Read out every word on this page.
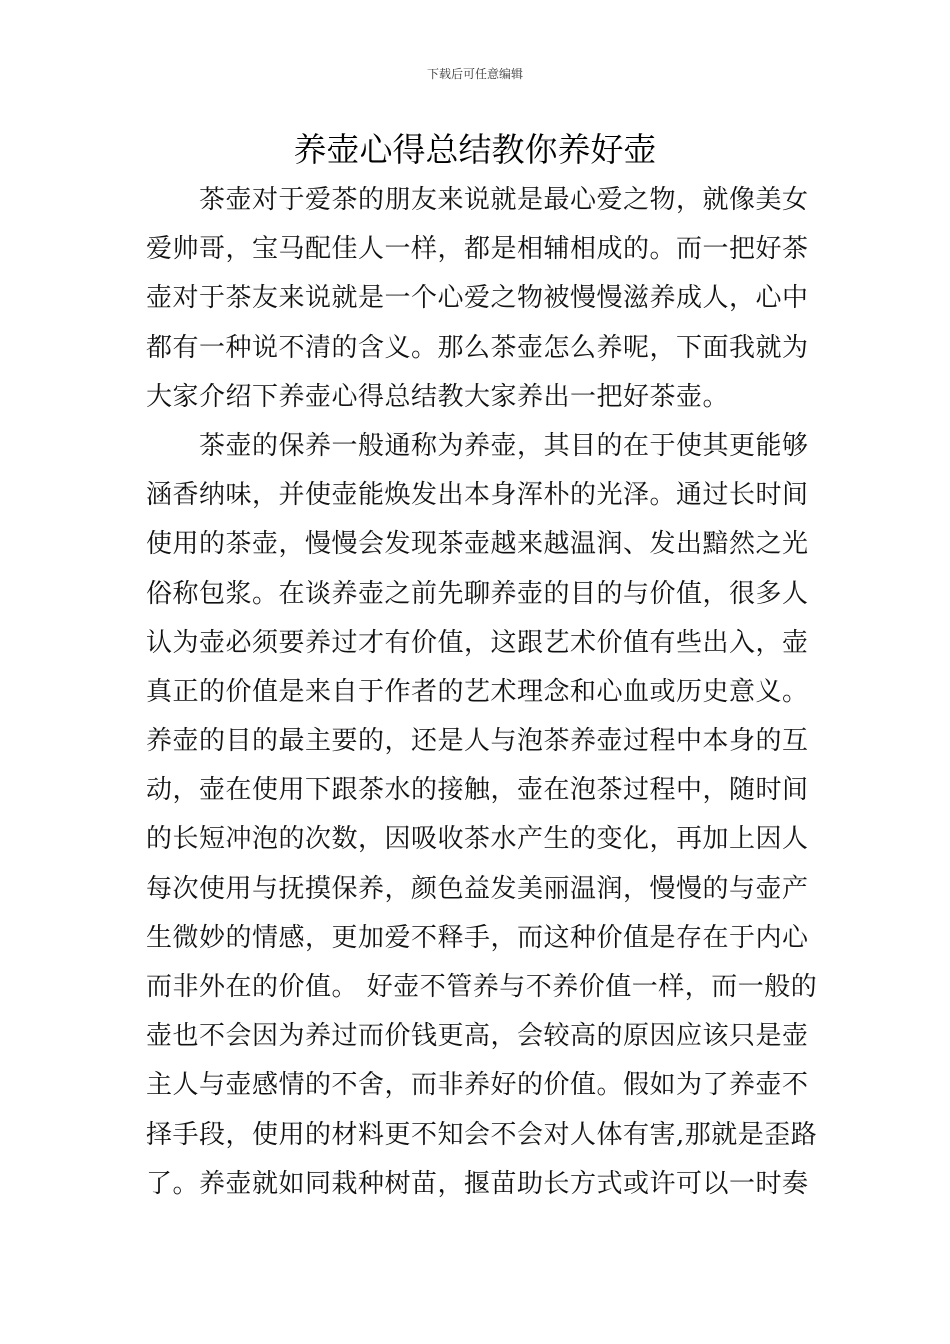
下载后可任意编辑
养壶心得总结教你养好壶

　　茶壶对于爱茶的朋友来说就是最心爱之物，就像美女
爱帅哥，宝马配佳人一样，都是相辅相成的。而一把好茶
壶对于茶友来说就是一个心爱之物被慢慢滋养成人，心中
都有一种说不清的含义。那么茶壶怎么养呢，下面我就为
大家介绍下养壶心得总结教大家养出一把好茶壶。

　　茶壶的保养一般通称为养壶，其目的在于使其更能够
涵香纳味，并使壶能焕发出本身浑朴的光泽。通过长时间
使用的茶壶，慢慢会发现茶壶越来越温润、发出黯然之光
俗称包浆。在谈养壶之前先聊养壶的目的与价值，很多人
认为壶必须要养过才有价值，这跟艺术价值有些出入，壶
真正的价值是来自于作者的艺术理念和心血或历史意义。
养壶的目的最主要的，还是人与泡茶养壶过程中本身的互
动，壶在使用下跟茶水的接触，壶在泡茶过程中，随时间
的长短冲泡的次数，因吸收茶水产生的变化，再加上因人
每次使用与抚摸保养，颜色益发美丽温润，慢慢的与壶产
生微妙的情感，更加爱不释手，而这种价值是存在于内心
而非外在的价值。 好壶不管养与不养价值一样，而一般的
壶也不会因为养过而价钱更高，会较高的原因应该只是壶
主人与壶感情的不舍，而非养好的价值。假如为了养壶不
择手段，使用的材料更不知会不会对人体有害,那就是歪路
了。养壶就如同栽种树苗，揠苗助长方式或许可以一时奏
